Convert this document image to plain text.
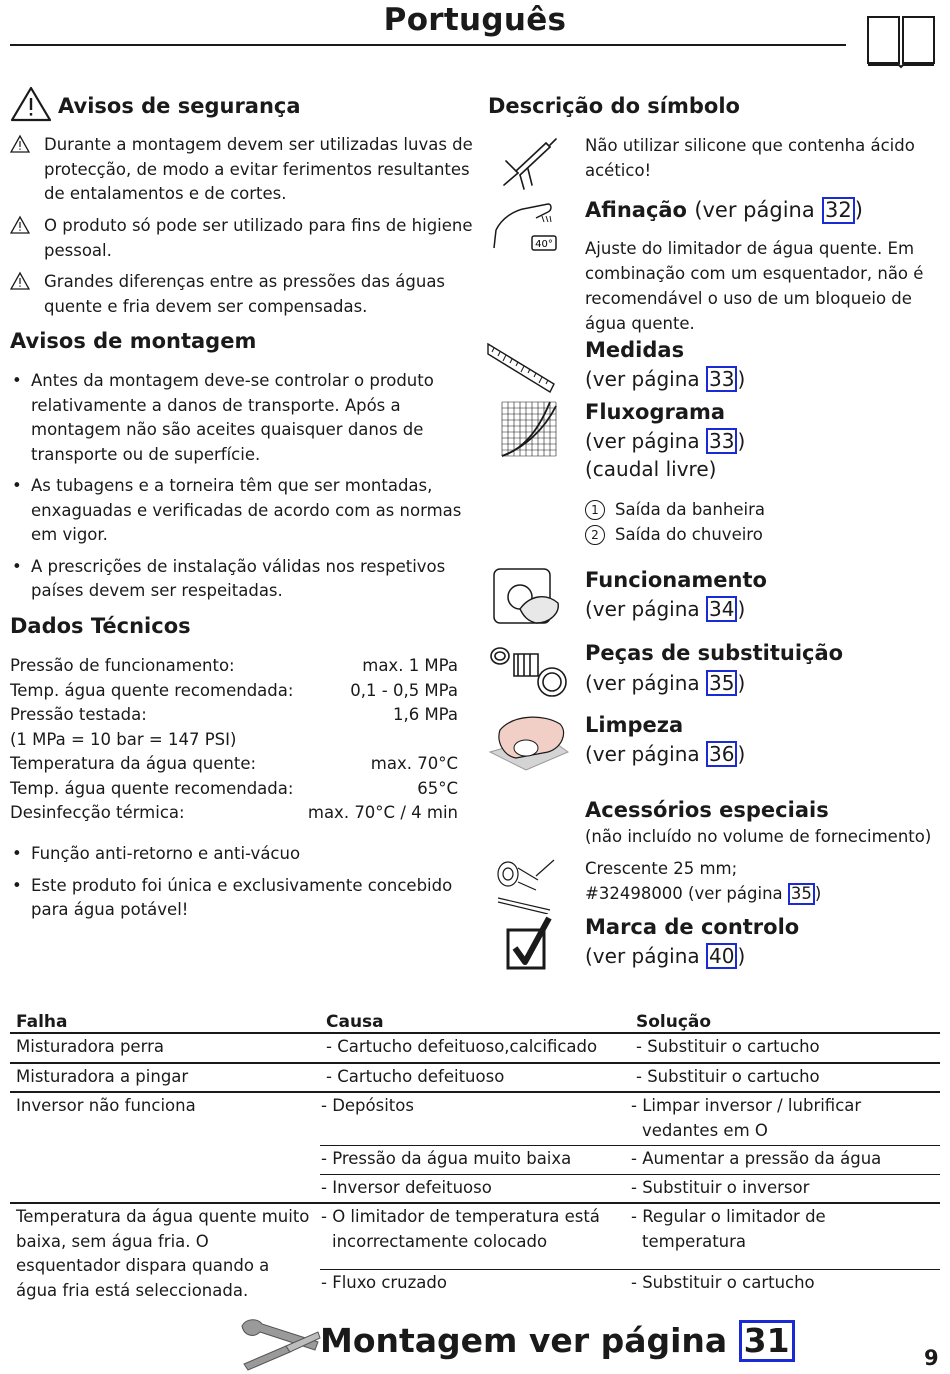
Português
Avisos de segurança
Durante a montagem devem ser utilizadas luvas de protecção, de modo a evitar ferimentos resultantes de entalamentos e de cortes.
O produto só pode ser utilizado para fins de higiene pessoal.
Grandes diferenças entre as pressões das águas quente e fria devem ser compensadas.
Avisos de montagem
• Antes da montagem deve-se controlar o produto relativamente a danos de transporte. Após a montagem não são aceites quaisquer danos de transporte ou de superfície.
• As tubagens e a torneira têm que ser montadas, enxaguadas e verificadas de acordo com as normas em vigor.
• A prescrições de instalação válidas nos respetivos países devem ser respeitadas.
Dados Técnicos
Pressão de funcionamento:	max. 1 MPa
Temp. água quente recomendada:	0,1 - 0,5 MPa
Pressão testada:	1,6 MPa
(1 MPa = 10 bar = 147 PSI)
Temperatura da água quente:	max. 70°C
Temp. água quente recomendada:	65°C
Desinfecção térmica:	max. 70°C / 4 min
• Função anti-retorno e anti-vácuo
• Este produto foi única e exclusivamente concebido para água potável!
Descrição do símbolo
Não utilizar silicone que contenha ácido acético!
40°
Afinação (ver página 32 )
Ajuste do limitador de água quente. Em combinação com um esquentador, não é recomendável o uso de um bloqueio de água quente.
Medidas
(ver página 33 )
Fluxograma
(ver página 33 )
(caudal livre)
1 Saída da banheira
2 Saída do chuveiro
Funcionamento
(ver página 34 )
Peças de substituição
(ver página 35 )
Limpeza
(ver página 36 )
Acessórios especiais
(não incluído no volume de fornecimento)
Crescente 25 mm;
#32498000 (ver página 35 )
Marca de controlo
(ver página 40 )
Falha	Causa	Solução
Misturadora perra	- Cartucho defeituoso,calcificado	- Substituir o cartucho
Misturadora a pingar	- Cartucho defeituoso	- Substituir o cartucho
Inversor não funciona	- Depósitos	- Limpar inversor / lubrificar vedantes em O
	- Pressão da água muito baixa	- Aumentar a pressão da água
	- Inversor defeituoso	- Substituir o inversor
Temperatura da água quente muito baixa, sem água fria. O esquentador dispara quando a água fria está seleccionada.	- O limitador de temperatura está incorrectamente colocado	- Regular o limitador de temperatura
	- Fluxo cruzado	- Substituir o cartucho
Montagem ver página 31	9
